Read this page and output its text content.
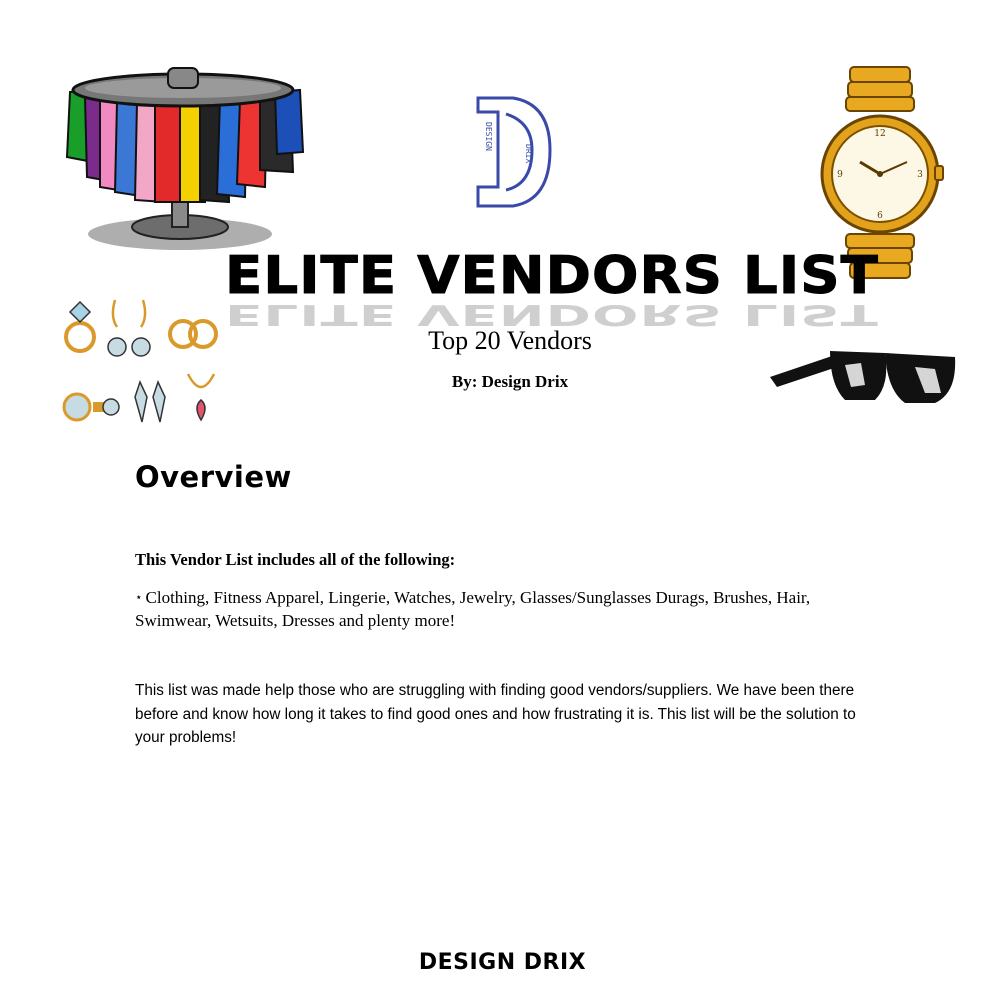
DESIGN
DRIX
12
3
6
9
ELITE VENDORS LIST
ELITE VENDORS LIST
Top 20 Vendors
By: Design Drix
Overview
This Vendor List includes all of the following:
⋆ Clothing, Fitness Apparel, Lingerie, Watches, Jewelry, Glasses/Sunglasses Durags, Brushes, Hair, Swimwear, Wetsuits, Dresses and plenty more!
This list was made help those who are struggling with finding good vendors/suppliers. We have been there before and know how long it takes to find good ones and how frustrating it is. This list will be the solution to your problems!
DESIGN DRIX
